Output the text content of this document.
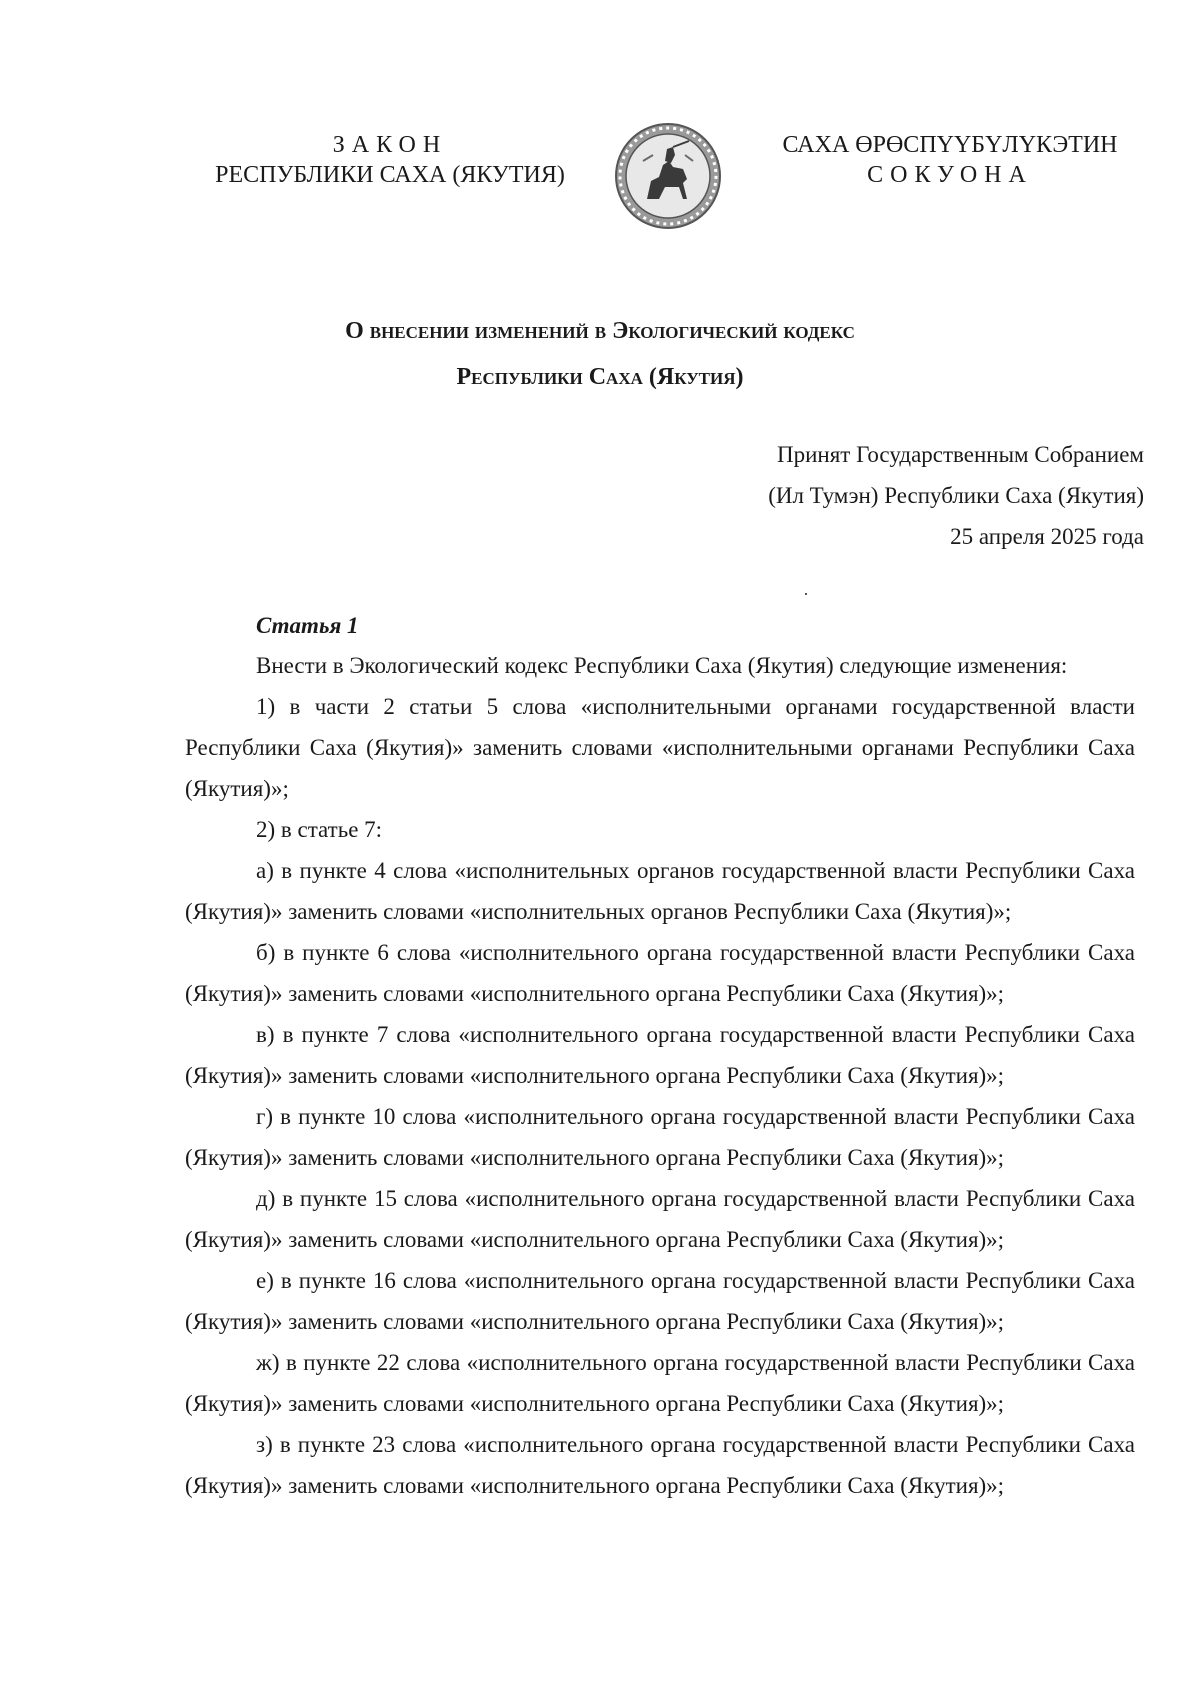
ЗАКОН
РЕСПУБЛИКИ САХА (ЯКУТИЯ)
САХА ӨРӨСПҮҮБҮЛҮКЭТИН
СОКУОНА
О внесении изменений в Экологический кодекс
Республики Саха (Якутия)
Принят Государственным Собранием
(Ил Тумэн) Республики Саха (Якутия)
25 апреля 2025 года
Статья 1

Внести в Экологический кодекс Республики Саха (Якутия) следующие изменения:

1) в части 2 статьи 5 слова «исполнительными органами государственной власти Республики Саха (Якутия)» заменить словами «исполнительными органами Республики Саха (Якутия)»;

2) в статье 7:

а) в пункте 4 слова «исполнительных органов государственной власти Республики Саха (Якутия)» заменить словами «исполнительных органов Республики Саха (Якутия)»;

б) в пункте 6 слова «исполнительного органа государственной власти Республики Саха (Якутия)» заменить словами «исполнительного органа Республики Саха (Якутия)»;

в) в пункте 7 слова «исполнительного органа государственной власти Республики Саха (Якутия)» заменить словами «исполнительного органа Республики Саха (Якутия)»;

г) в пункте 10 слова «исполнительного органа государственной власти Республики Саха (Якутия)» заменить словами «исполнительного органа Республики Саха (Якутия)»;

д) в пункте 15 слова «исполнительного органа государственной власти Республики Саха (Якутия)» заменить словами «исполнительного органа Республики Саха (Якутия)»;

е) в пункте 16 слова «исполнительного органа государственной власти Республики Саха (Якутия)» заменить словами «исполнительного органа Республики Саха (Якутия)»;

ж) в пункте 22 слова «исполнительного органа государственной власти Республики Саха (Якутия)» заменить словами «исполнительного органа Республики Саха (Якутия)»;

з) в пункте 23 слова «исполнительного органа государственной власти Республики Саха (Якутия)» заменить словами «исполнительного органа Республики Саха (Якутия)»;
